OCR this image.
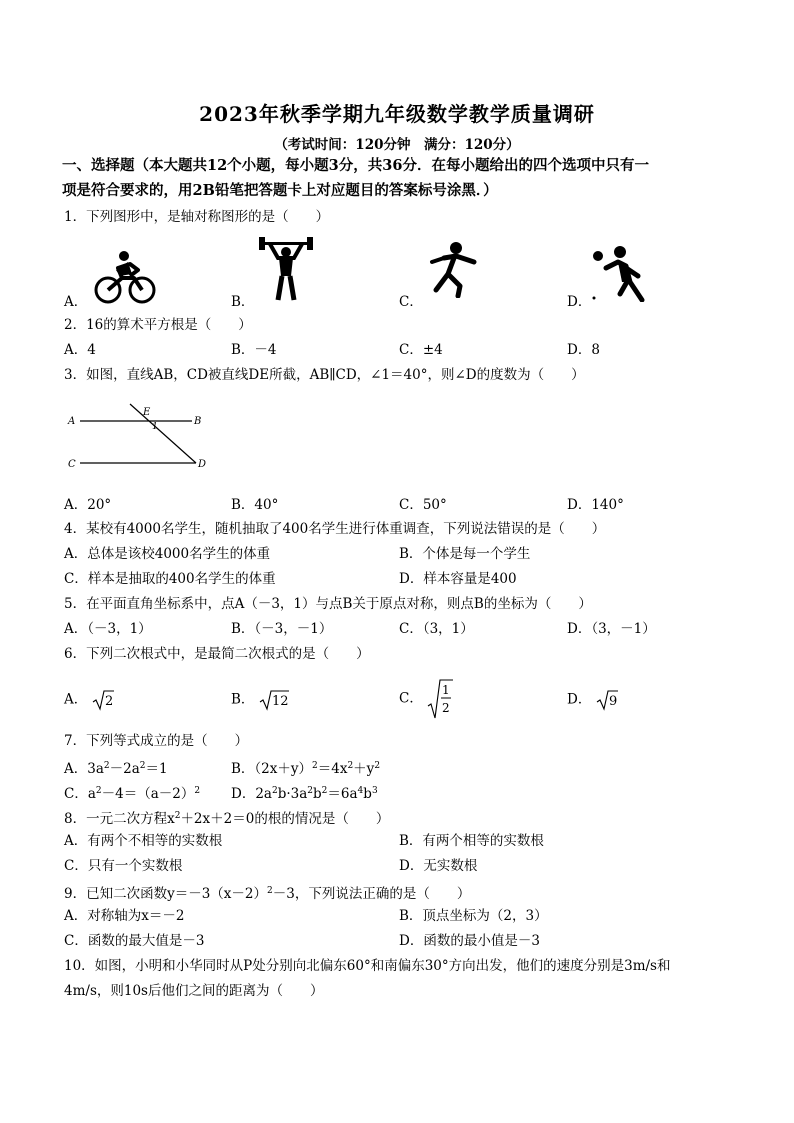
2023年秋季学期九年级数学教学质量调研
（考试时间：120分钟　满分：120分）
一、选择题（本大题共12个小题，每小题3分，共36分．在每小题给出的四个选项中只有一
项是符合要求的，用2B铅笔把答题卡上对应题目的答案标号涂黑．）
1．下列图形中，是轴对称图形的是（　　）
A．	B．	C．	D．
2．16的算术平方根是（　　）
A．4	B．－4	C．±4	D．8
3．如图，直线AB，CD被直线DE所截，AB∥CD，∠1＝40°，则∠D的度数为（　　）
A	B
C	D
E
1
A．20°	B．40°	C．50°	D．140°
4．某校有4000名学生，随机抽取了400名学生进行体重调查，下列说法错误的是（　　）
A．总体是该校4000名学生的体重	B．个体是每一个学生
C．样本是抽取的400名学生的体重	D．样本容量是400
5．在平面直角坐标系中，点A（－3，1）与点B关于原点对称，则点B的坐标为（　　）
A．（－3，1）	B．（－3，－1）	C．（3，1）	D．（3，－1）
6．下列二次根式中，是最简二次根式的是（　　）
A． 2	B． 12	C．
1
2
D． 9
7．下列等式成立的是（　　）
A．$3a^2-2a^2=1$	B．$(2x+y)^2=4x^2+y^2$
C．$a^2-4=(a-2)^2$ D．$2a^2b\cdot 3a^2b^2=6a^4b^3$
8．一元二次方程$x^2+2x+2=0$的根的情况是（　　）
A．有两个不相等的实数根	B．有两个相等的实数根
C．只有一个实数根	D．无实数根
9．已知二次函数$y=-3(x-2)^2-3$，下列说法正确的是（　　）
A．对称轴为x＝－2	B．顶点坐标为（2，3）
C．函数的最大值是－3	D．函数的最小值是－3
10．如图，小明和小华同时从P处分别向北偏东60°和南偏东30°方向出发，他们的速度分别是3m/s和
4m/s，则10s后他们之间的距离为（　　）
